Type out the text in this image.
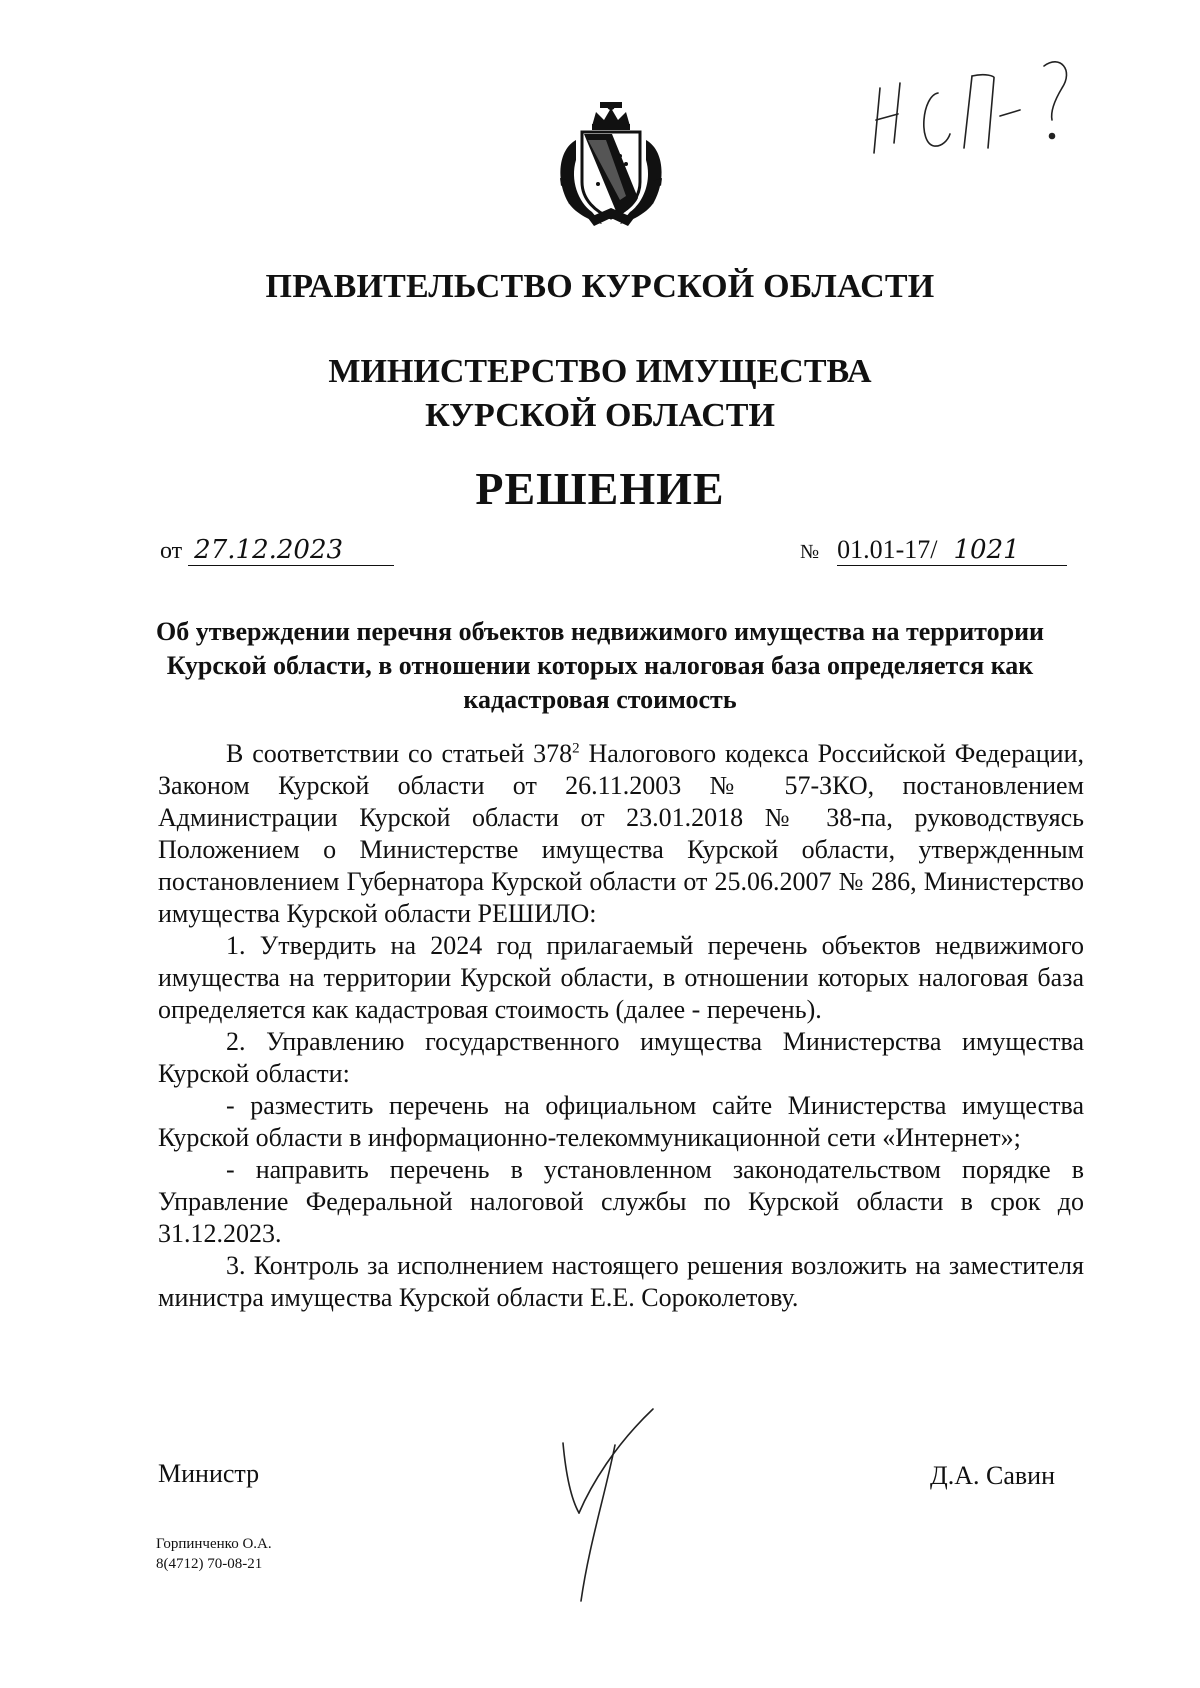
ПРАВИТЕЛЬСТВО КУРСКОЙ ОБЛАСТИ
МИНИСТЕРСТВО ИМУЩЕСТВА
КУРСКОЙ ОБЛАСТИ
РЕШЕНИЕ
от 27.12.2023	№ 01.01-17/ 1021
Об утверждении перечня объектов недвижимого имущества на территории Курской области, в отношении которых налоговая база определяется как кадастровая стоимость

В соответствии со статьей $378^2$ Налогового кодекса Российской Федерации, Законом Курской области от 26.11.2003 № 57-ЗКО, постановлением Администрации Курской области от 23.01.2018 № 38-па, руководствуясь Положением о Министерстве имущества Курской области, утвержденным постановлением Губернатора Курской области от 25.06.2007 № 286, Министерство имущества Курской области РЕШИЛО:

1. Утвердить на 2024 год прилагаемый перечень объектов недвижимого имущества на территории Курской области, в отношении которых налоговая база определяется как кадастровая стоимость (далее - перечень).

2. Управлению государственного имущества Министерства имущества Курской области:

- разместить перечень на официальном сайте Министерства имущества Курской области в информационно-телекоммуникационной сети «Интернет»;

- направить перечень в установленном законодательством порядке в Управление Федеральной налоговой службы по Курской области в срок до 31.12.2023.

3. Контроль за исполнением настоящего решения возложить на заместителя министра имущества Курской области Е.Е. Сороколетову.

Министр	Д.А. Савин
Горпинченко О.А.
8(4712) 70-08-21
